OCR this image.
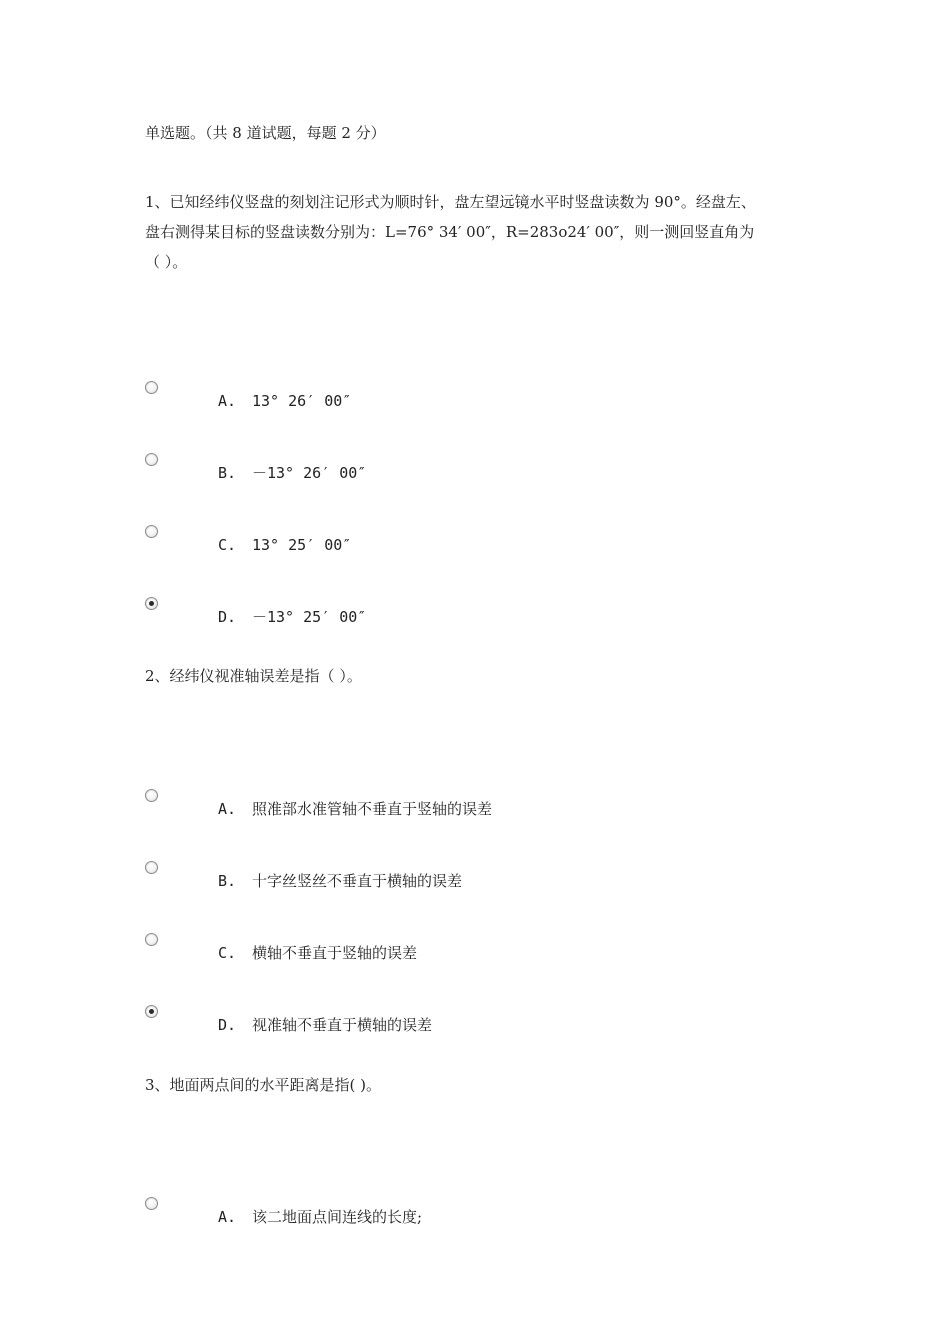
单选题。（共 8 道试题，每题 2 分）
1、已知经纬仪竖盘的刻划注记形式为顺时针，盘左望远镜水平时竖盘读数为 90°。经盘左、
盘右测得某目标的竖盘读数分别为：L=76° 34′ 00″，R=283o24′ 00″，则一测回竖直角为
（ ）。
A. 13° 26′ 00″
B. －13° 26′ 00″
C. 13° 25′ 00″
D. －13° 25′ 00″
2、经纬仪视准轴误差是指（ ）。
A. 照准部水准管轴不垂直于竖轴的误差
B. 十字丝竖丝不垂直于横轴的误差
C. 横轴不垂直于竖轴的误差
D. 视准轴不垂直于横轴的误差
3、地面两点间的水平距离是指( )。
A. 该二地面点间连线的长度;
